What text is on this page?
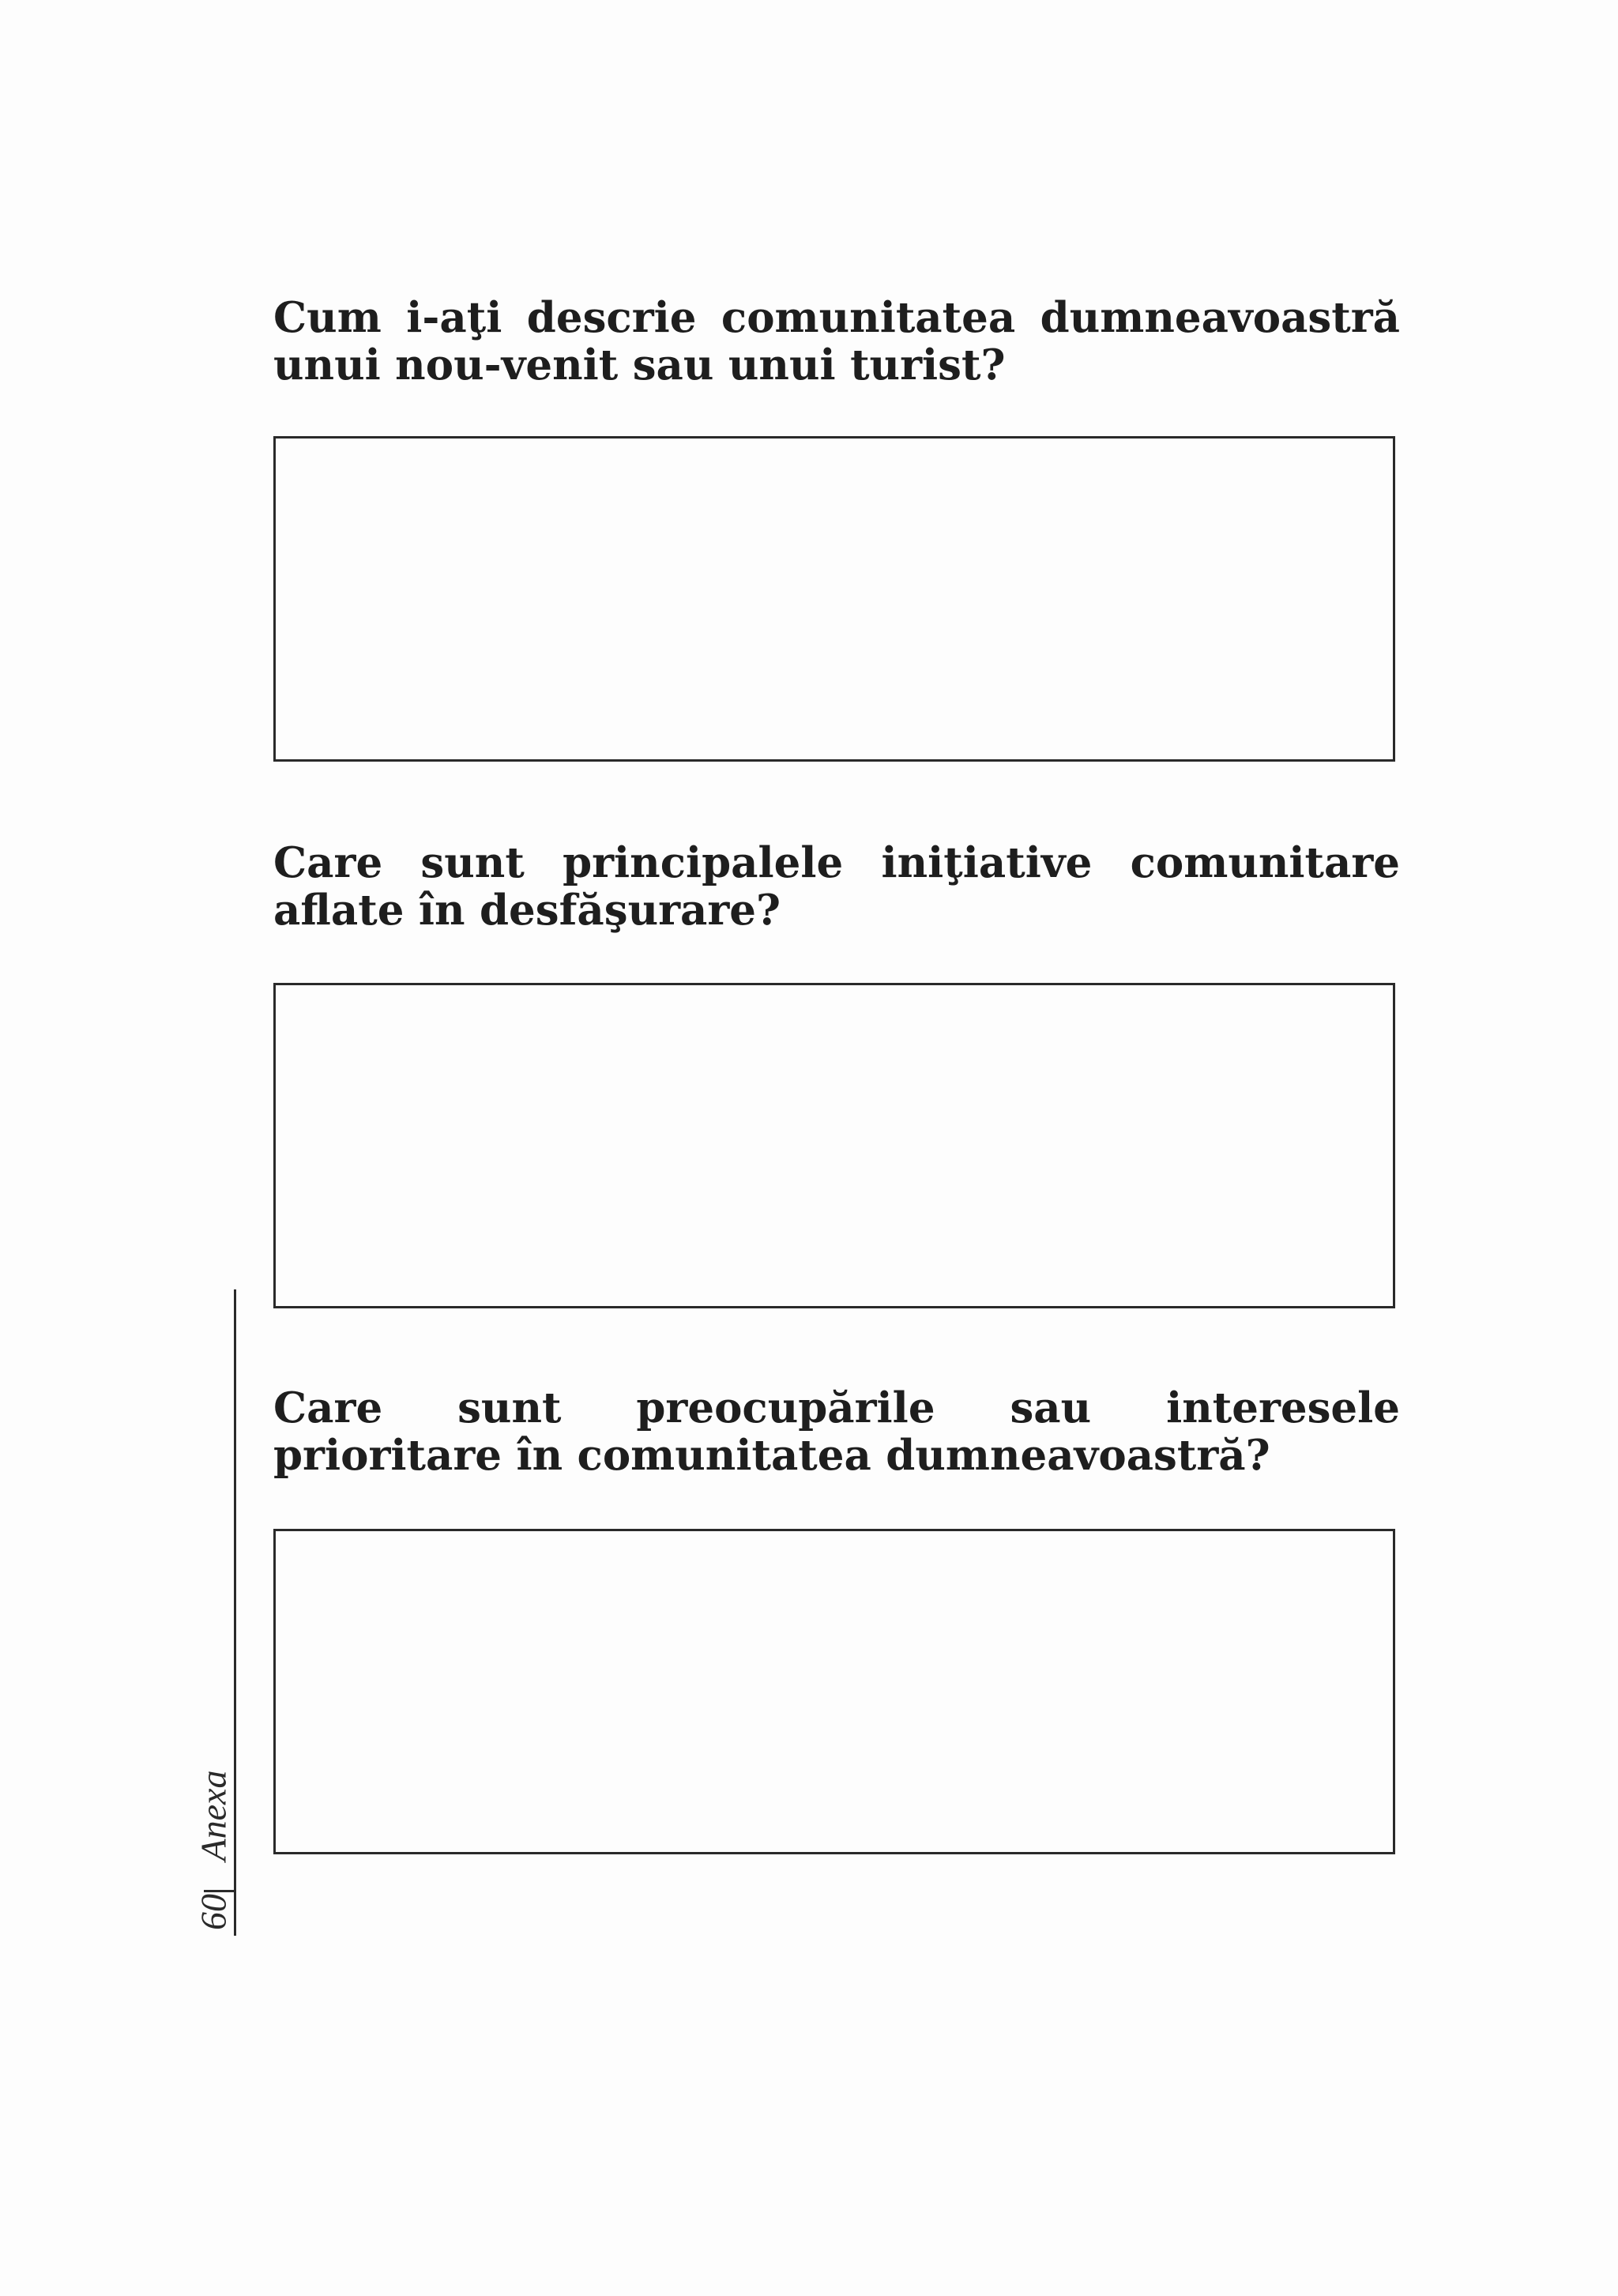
Cum i-aţi descrie comunitatea dumneavoastră unui nou-venit sau unui turist?
Care sunt principalele iniţiative comunitare aflate în desfăşurare?
Care sunt preocupările sau interesele prioritare în comunitatea dumneavoastră?
Anexa
60
